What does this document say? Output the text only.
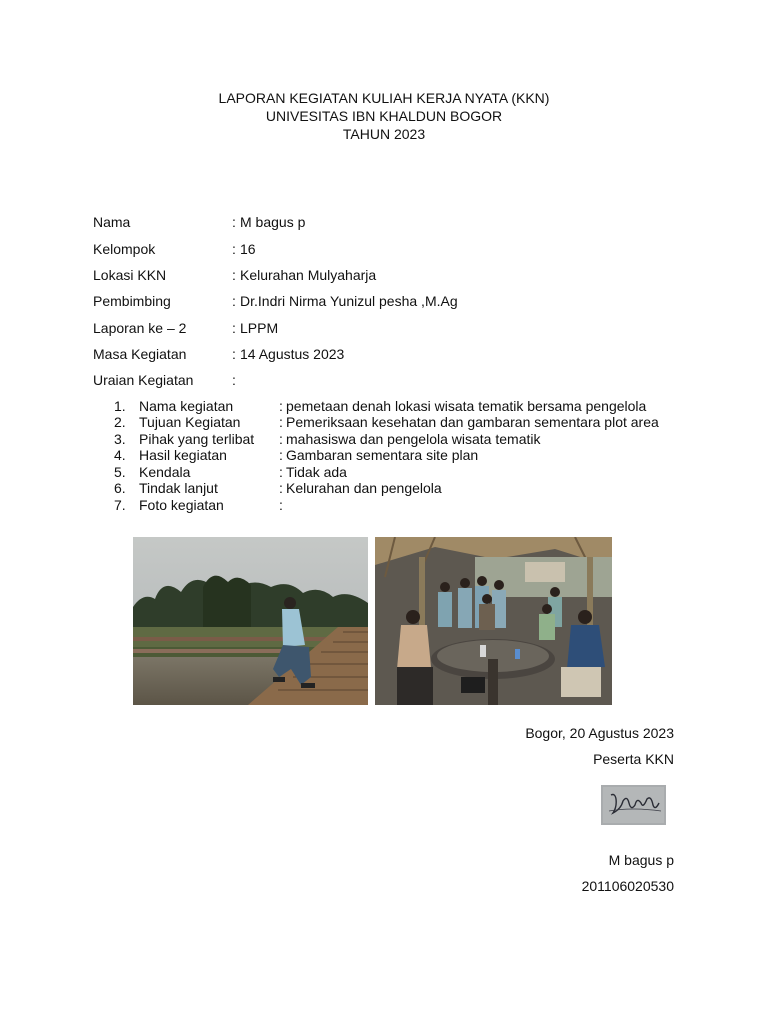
LAPORAN KEGIATAN KULIAH KERJA NYATA (KKN)
UNIVESITAS IBN KHALDUN BOGOR
TAHUN 2023
Nama	: M bagus p
Kelompok	: 16
Lokasi KKN	: Kelurahan Mulyaharja
Pembimbing	: Dr.Indri Nirma Yunizul pesha ,M.Ag
Laporan ke – 2	: LPPM
Masa Kegiatan	: 14 Agustus 2023
Uraian Kegiatan	:
1. Nama kegiatan	: pemetaan denah lokasi wisata tematik bersama pengelola
2. Tujuan Kegiatan	: Pemeriksaan kesehatan dan gambaran sementara plot area
3. Pihak yang terlibat : mahasiswa dan pengelola wisata tematik
4. Hasil kegiatan	: Gambaran sementara site plan
5. Kendala	: Tidak ada
6. Tindak lanjut	: Kelurahan dan pengelola
7. Foto kegiatan	:
Bogor, 20 Agustus 2023
Peserta KKN
M bagus p
201106020530
